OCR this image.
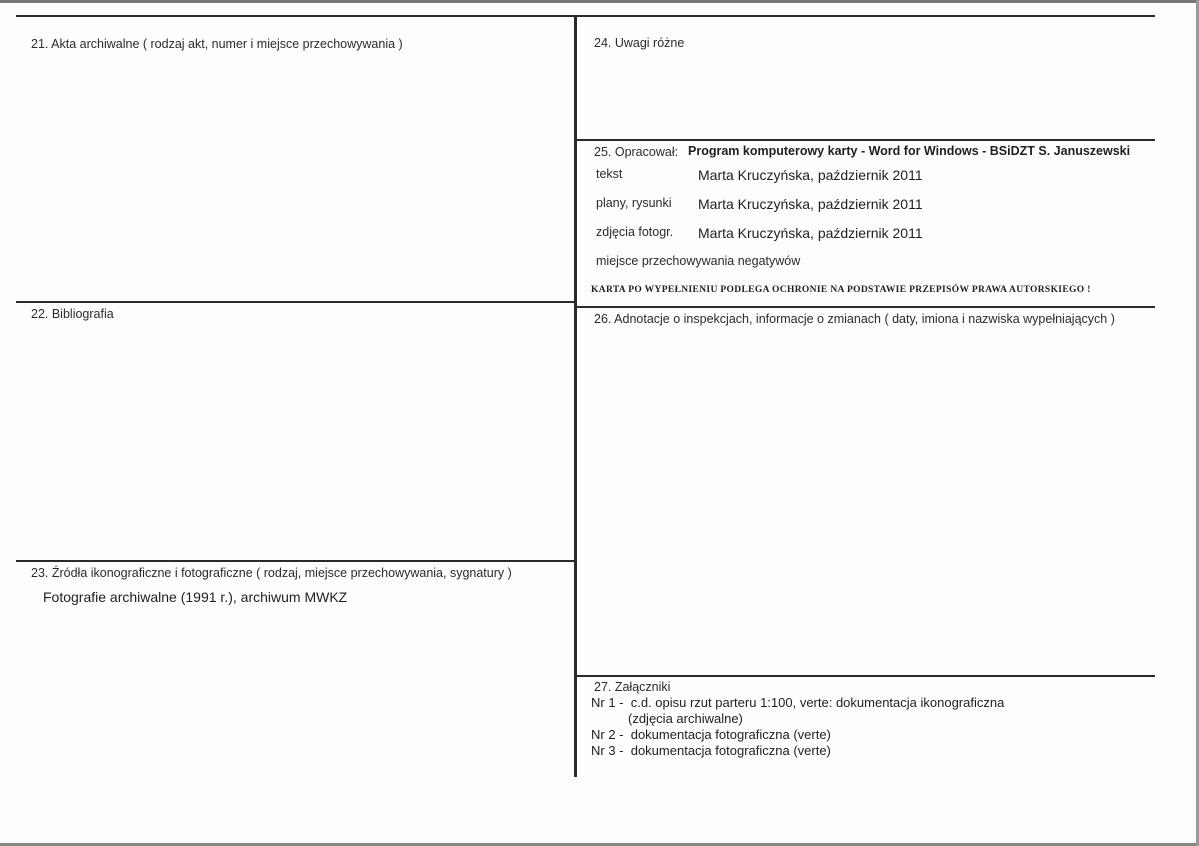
21. Akta archiwalne ( rodzaj akt, numer i miejsce przechowywania )
22. Bibliografia
23. Źródła ikonograficzne i fotograficzne ( rodzaj, miejsce przechowywania, sygnatury )
Fotografie archiwalne (1991 r.), archiwum MWKZ
24. Uwagi różne
25. Opracował: Program komputerowy karty - Word for Windows - BSiDZT S. Januszewski
tekst	Marta Kruczyńska, październik 2011
plany, rysunki Marta Kruczyńska, październik 2011
zdjęcia fotogr. Marta Kruczyńska, październik 2011
miejsce przechowywania negatywów
KARTA PO WYPEŁNIENIU PODLEGA OCHRONIE NA PODSTAWIE PRZEPISÓW PRAWA AUTORSKIEGO !
26. Adnotacje o inspekcjach, informacje o zmianach ( daty, imiona i nazwiska wypełniających )
27. Załączniki
Nr 1 -  c.d. opisu rzut parteru 1:100, verte: dokumentacja ikonograficzna
(zdjęcia archiwalne)
Nr 2 -  dokumentacja fotograficzna (verte)
Nr 3 -  dokumentacja fotograficzna (verte)
